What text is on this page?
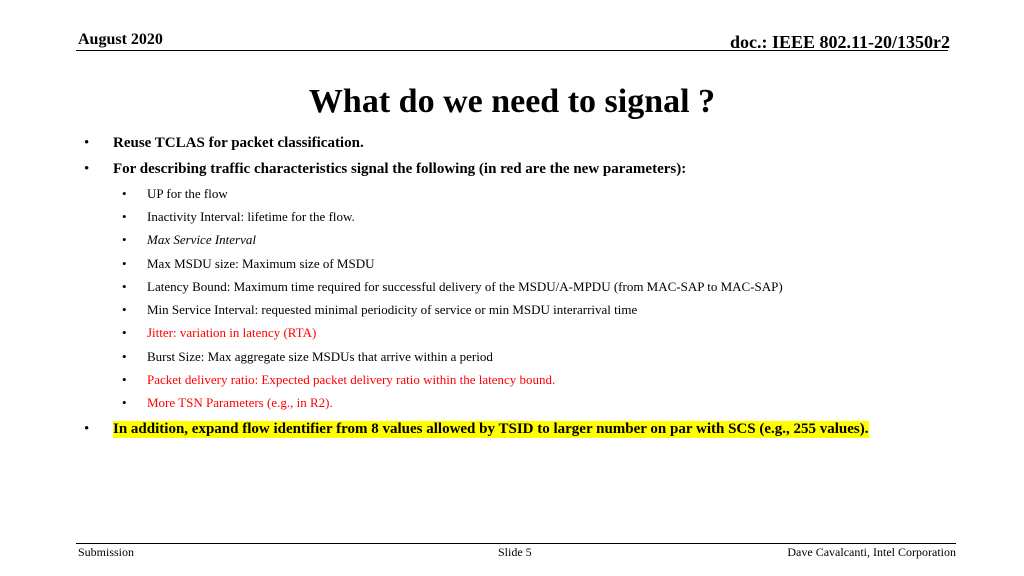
August 2020	doc.: IEEE 802.11-20/1350r2
What do we need to signal ?
• Reuse TCLAS for packet classification.
• For describing traffic characteristics signal the following (in red are the new parameters):
• UP for the flow
• Inactivity Interval: lifetime for the flow.
• Max Service Interval
• Max MSDU size: Maximum size of MSDU
• Latency Bound: Maximum time required for successful delivery of the MSDU/A-MPDU (from MAC-SAP to MAC-SAP)
• Min Service Interval: requested minimal periodicity of service or min MSDU interarrival time
• Jitter: variation in latency (RTA)
• Burst Size: Max aggregate size MSDUs that arrive within a period
• Packet delivery ratio: Expected packet delivery ratio within the latency bound.
• More TSN Parameters (e.g., in R2).
• In addition, expand flow identifier from 8 values allowed by TSID to larger number on par with SCS (e.g., 255 values).
Submission	Slide 5	Dave Cavalcanti, Intel Corporation
